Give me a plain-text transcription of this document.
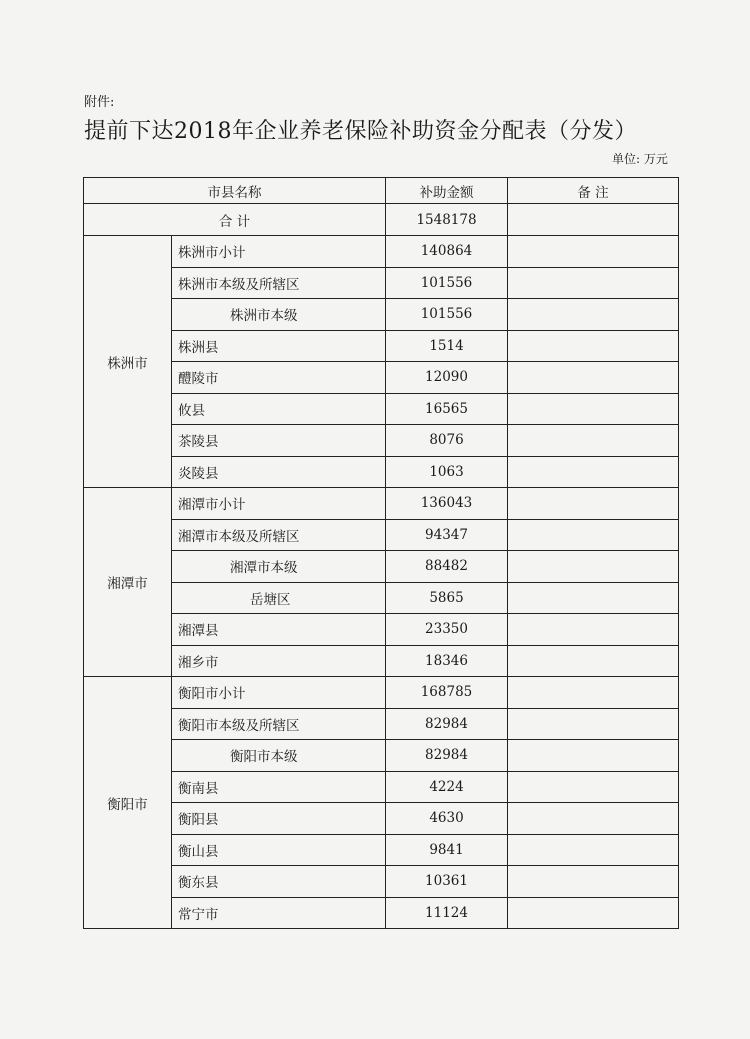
附件:
提前下达2018年企业养老保险补助资金分配表（分发）
单位: 万元
市县名称		补助金额	备 注
合 计		1548178	
株洲市	株洲市小计	140864	
	株洲市本级及所辖区	101556	
	株洲市本级	101556	
	株洲县	1514	
	醴陵市	12090	
	攸县	16565	
	茶陵县	8076	
	炎陵县	1063	
湘潭市	湘潭市小计	136043	
	湘潭市本级及所辖区	94347	
	湘潭市本级	88482	
	岳塘区	5865	
	湘潭县	23350	
	湘乡市	18346	
衡阳市	衡阳市小计	168785	
	衡阳市本级及所辖区	82984	
	衡阳市本级	82984	
	衡南县	4224	
	衡阳县	4630	
	衡山县	9841	
	衡东县	10361	
	常宁市	11124	
